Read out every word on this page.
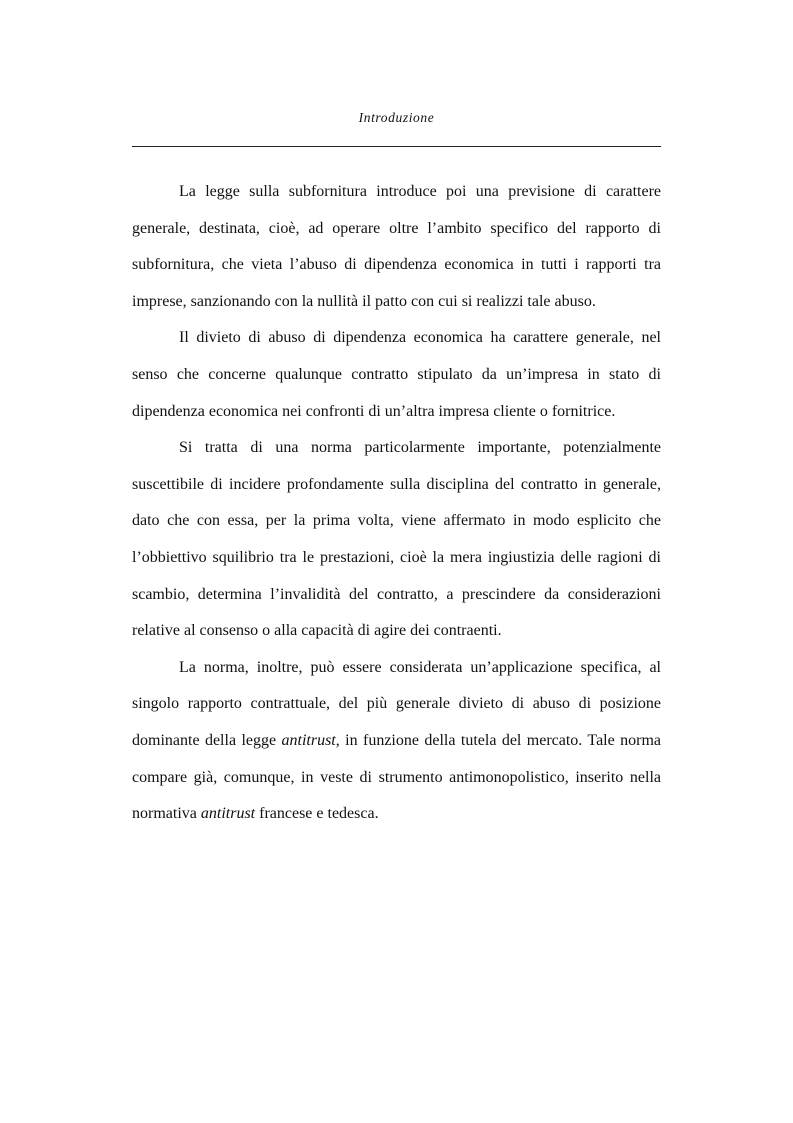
Introduzione

La legge sulla subfornitura introduce poi una previsione di carattere generale, destinata, cioè, ad operare oltre l’ambito specifico del rapporto di subfornitura, che vieta l’abuso di dipendenza economica in tutti i rapporti tra imprese, sanzionando con la nullità il patto con cui si realizzi tale abuso.

Il divieto di abuso di dipendenza economica ha carattere generale, nel senso che concerne qualunque contratto stipulato da un’impresa in stato di dipendenza economica nei confronti di un’altra impresa cliente o fornitrice.

Si tratta di una norma particolarmente importante, potenzialmente suscettibile di incidere profondamente sulla disciplina del contratto in generale, dato che con essa, per la prima volta, viene affermato in modo esplicito che l’obbiettivo squilibrio tra le prestazioni, cioè la mera ingiustizia delle ragioni di scambio, determina l’invalidità del contratto, a prescindere da considerazioni relative al consenso o alla capacità di agire dei contraenti.

La norma, inoltre, può essere considerata un’applicazione specifica, al singolo rapporto contrattuale, del più generale divieto di abuso di posizione dominante della legge antitrust, in funzione della tutela del mercato. Tale norma compare già, comunque, in veste di strumento antimonopolistico, inserito nella normativa antitrust francese e tedesca.
